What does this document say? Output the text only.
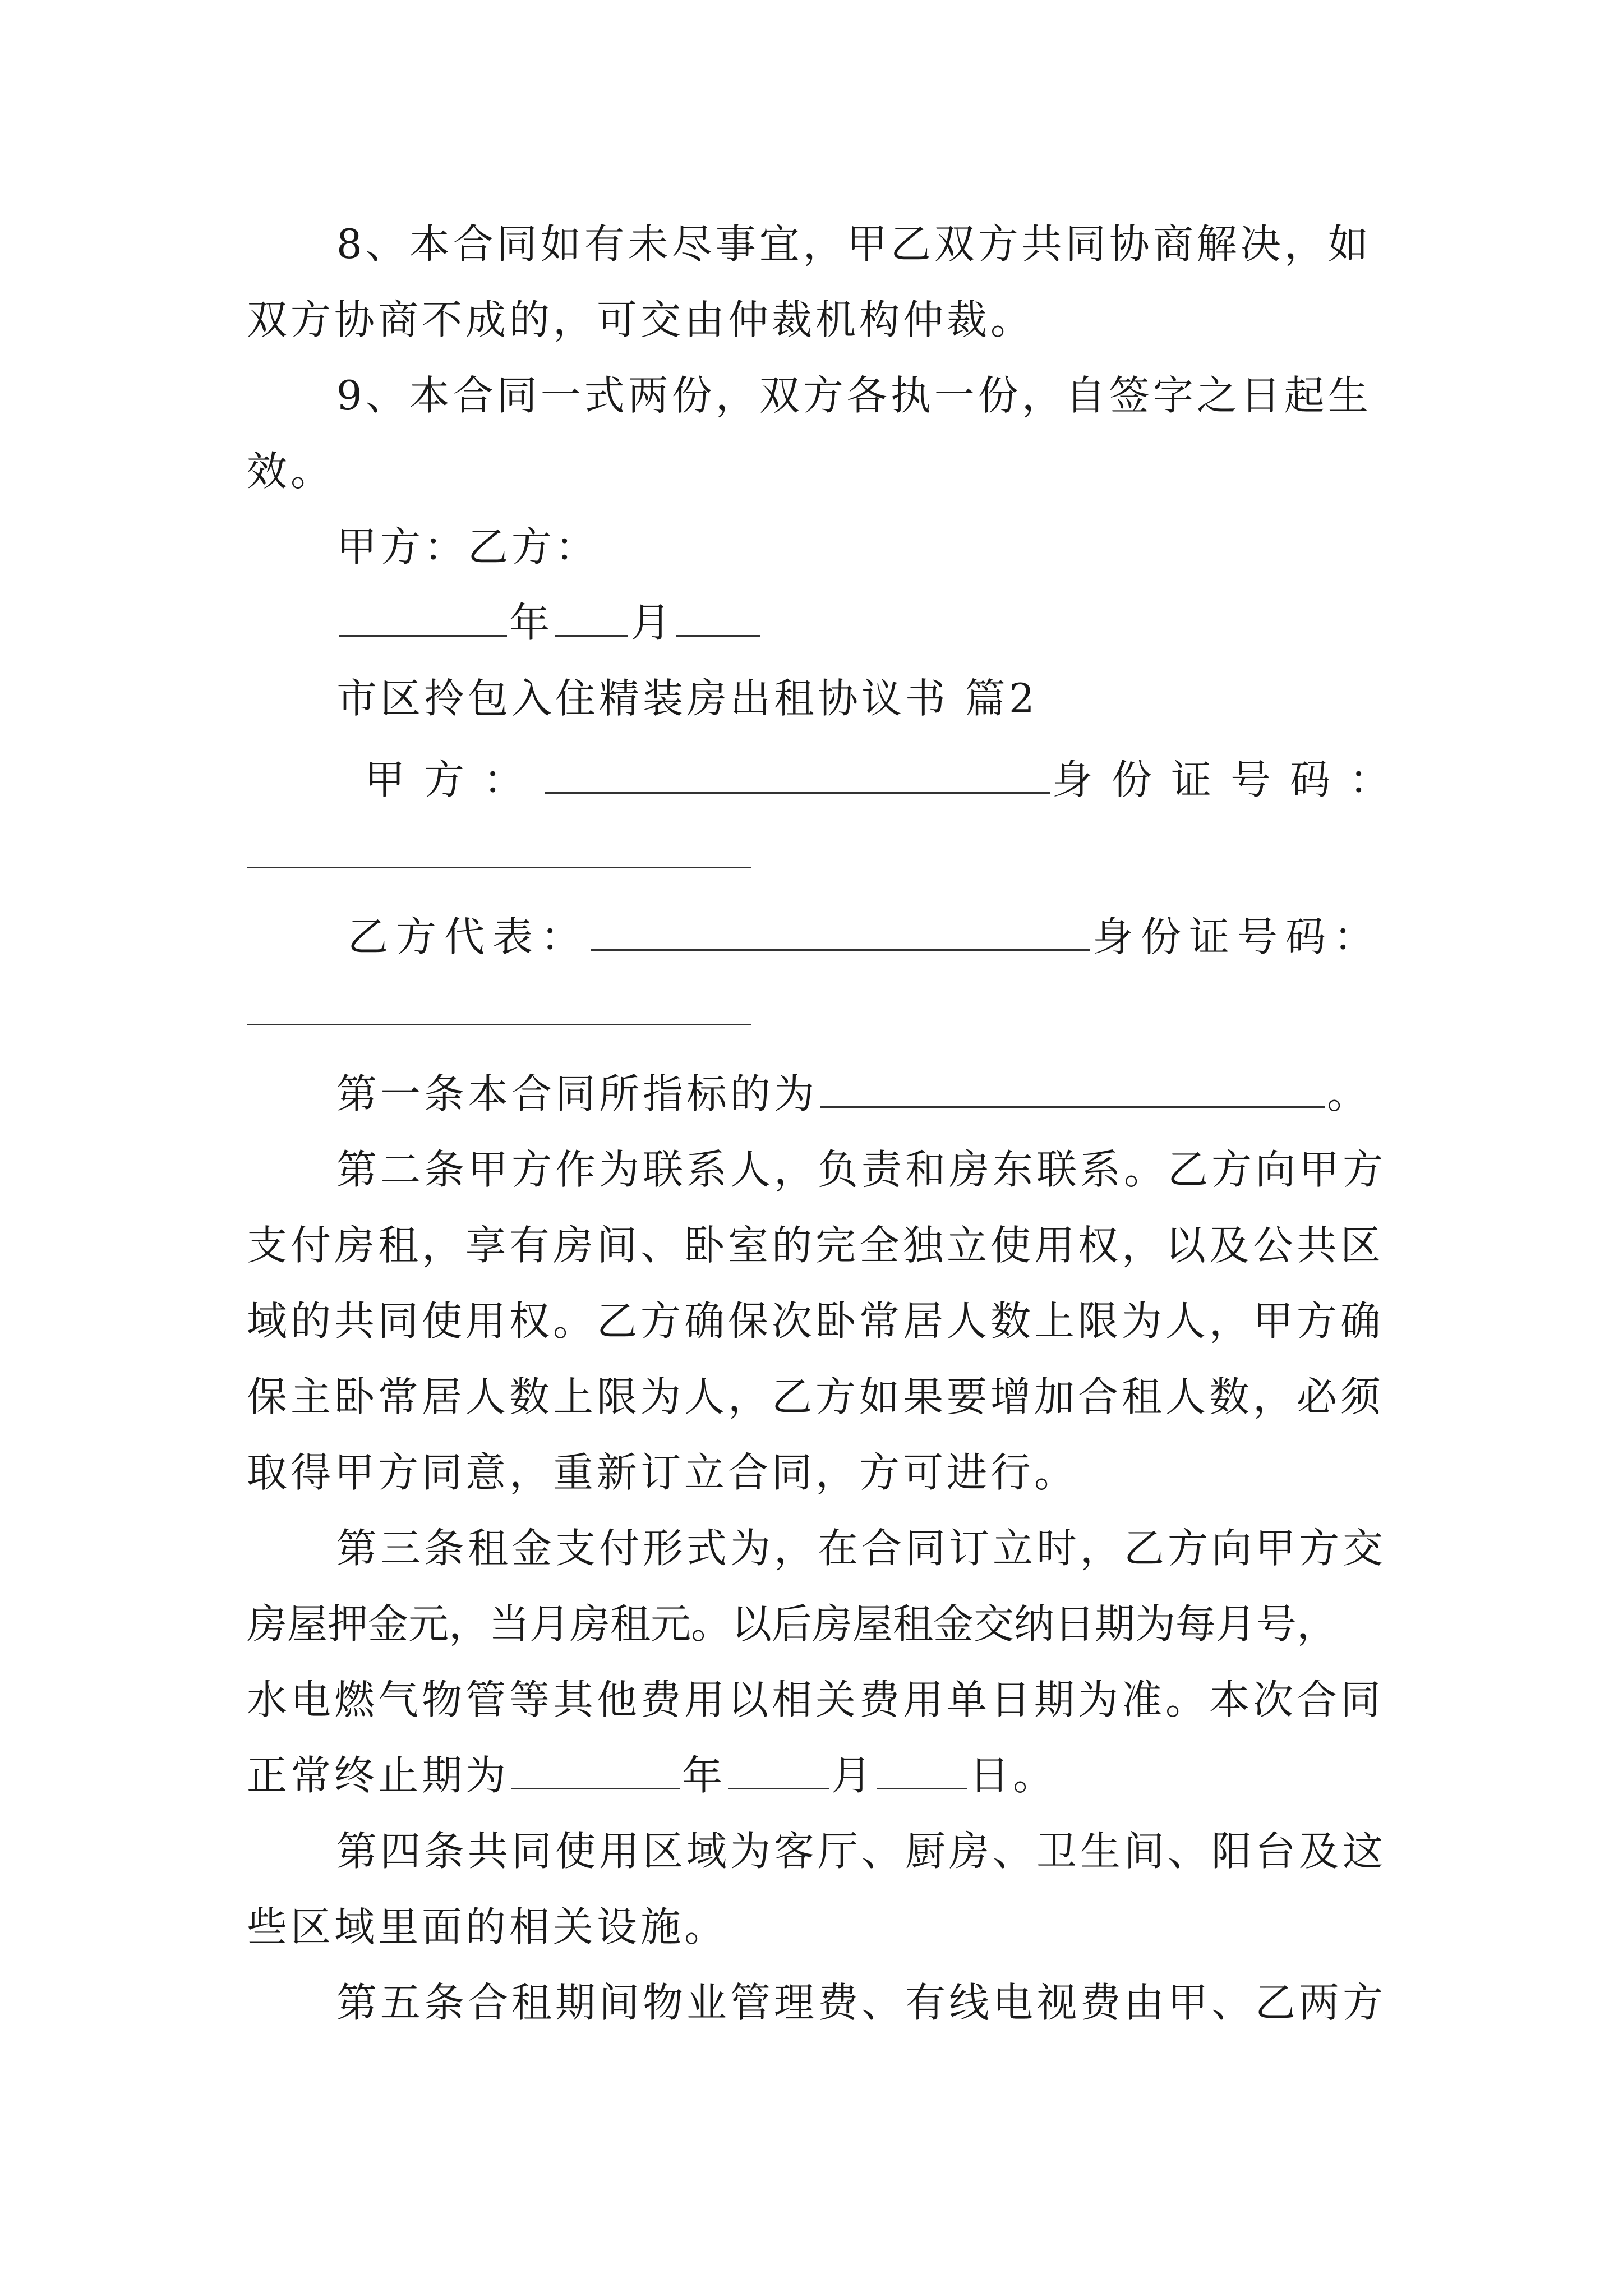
8、本合同如有未尽事宜，甲乙双方共同协商解决，如
双方协商不成的，可交由仲裁机构仲裁。
9、本合同一式两份，双方各执一份，自签字之日起生
效。
甲方：乙方：
年 月
市区拎包入住精装房出租协议书 篇2
甲方：	身份证号码：
乙方代表：	身份证号码：
第一条本合同所指标的为	。
第二条甲方作为联系人，负责和房东联系。乙方向甲方
支付房租，享有房间、卧室的完全独立使用权，以及公共区
域的共同使用权。乙方确保次卧常居人数上限为人，甲方确
保主卧常居人数上限为人，乙方如果要增加合租人数，必须
取得甲方同意，重新订立合同，方可进行。
第三条租金支付形式为，在合同订立时，乙方向甲方交
房屋押金元，当月房租元。以后房屋租金交纳日期为每月号，
水电燃气物管等其他费用以相关费用单日期为准。本次合同
正常终止期为	年	月 日。
第四条共同使用区域为客厅、厨房、卫生间、阳台及这
些区域里面的相关设施。
第五条合租期间物业管理费、有线电视费由甲、乙两方
